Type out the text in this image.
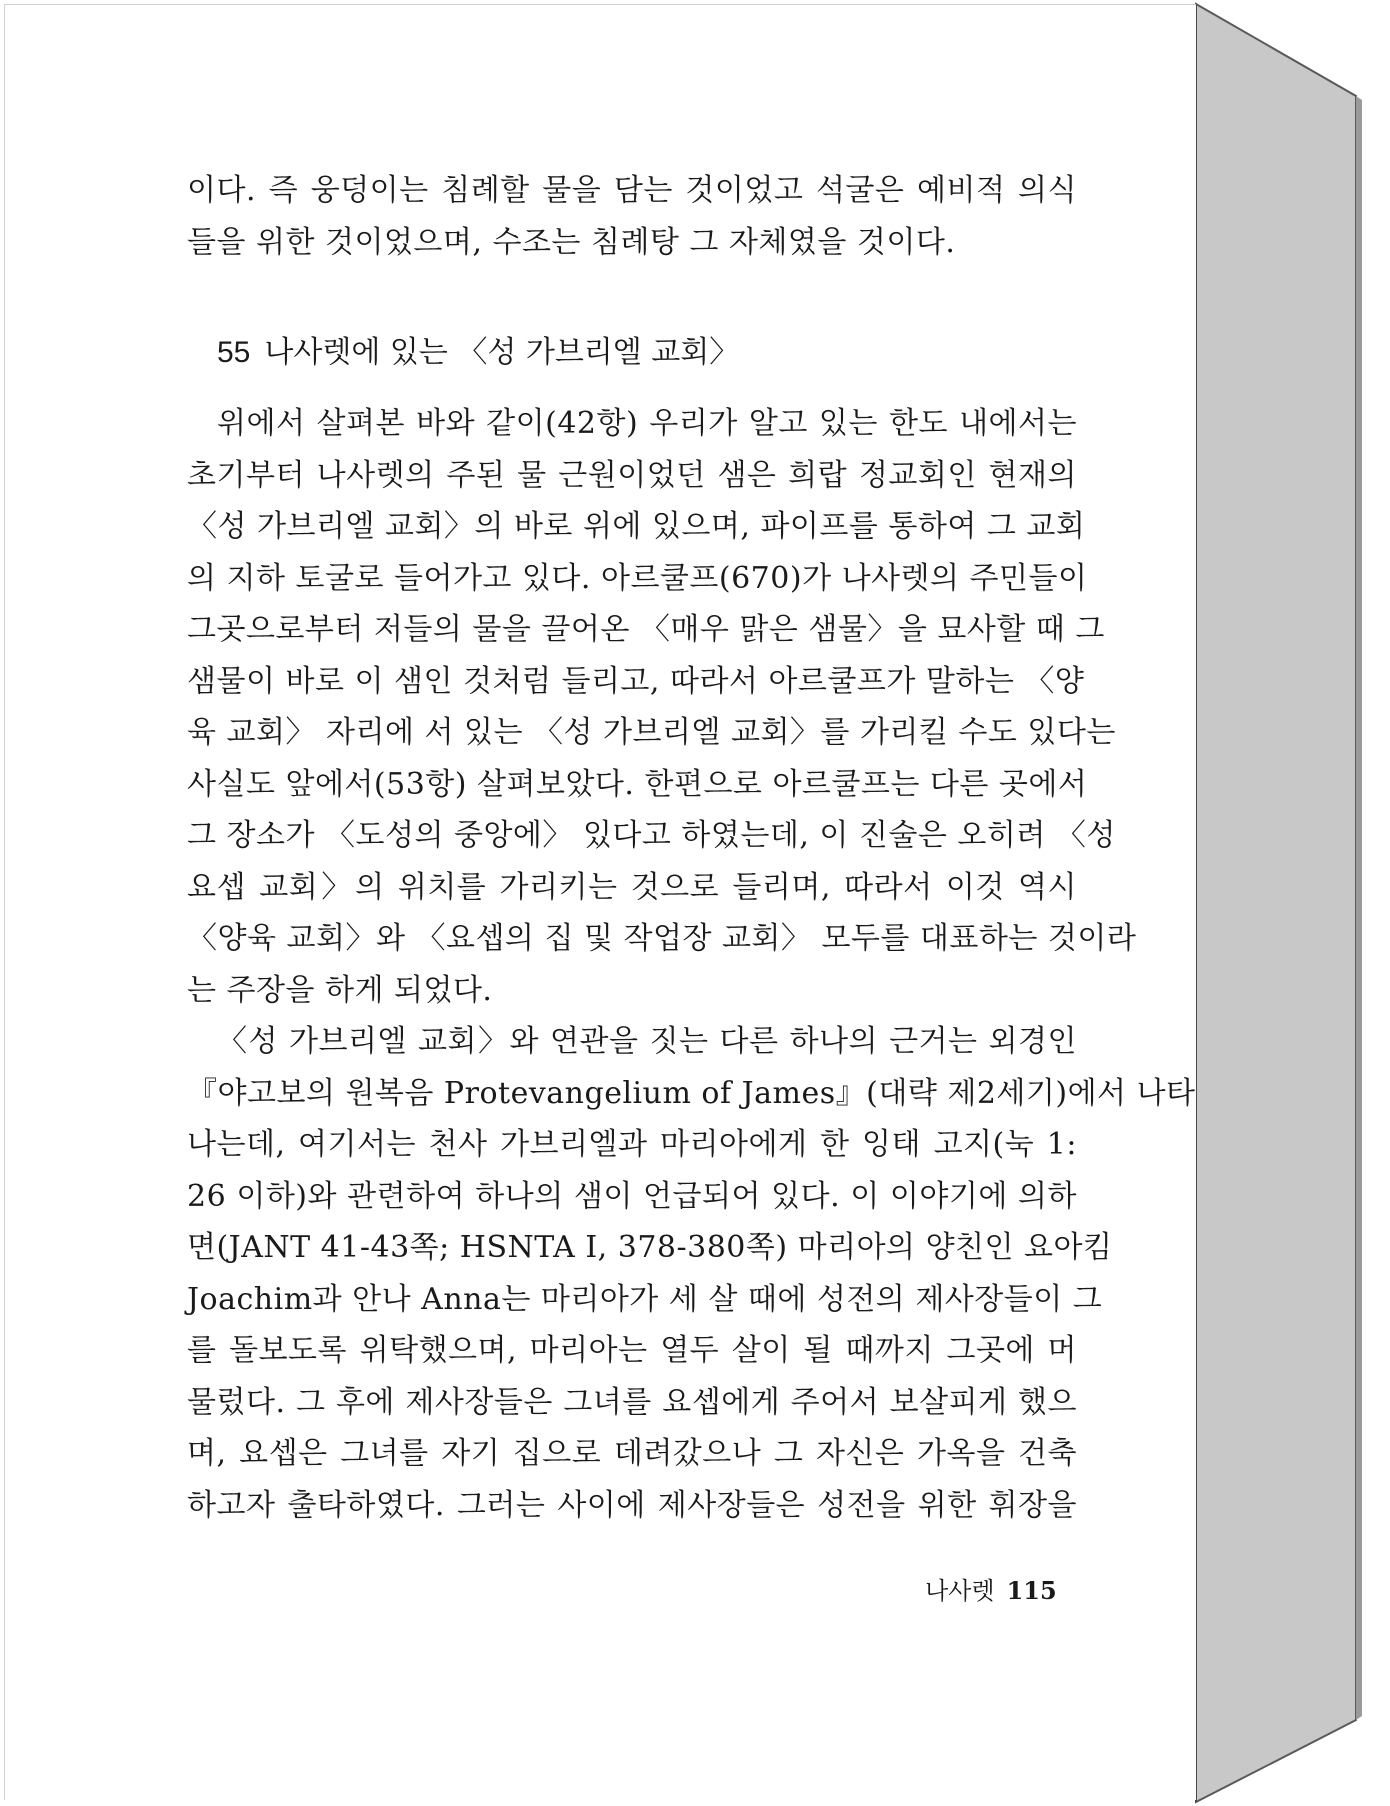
이다. 즉 웅덩이는 침례할 물을 담는 것이었고 석굴은 예비적 의식
들을 위한 것이었으며, 수조는 침례탕 그 자체였을 것이다.
55 나사렛에 있는 〈성 가브리엘 교회〉
위에서 살펴본 바와 같이(42항) 우리가 알고 있는 한도 내에서는
초기부터 나사렛의 주된 물 근원이었던 샘은 희랍 정교회인 현재의
〈성 가브리엘 교회〉의 바로 위에 있으며, 파이프를 통하여 그 교회
의 지하 토굴로 들어가고 있다. 아르쿨프(670)가 나사렛의 주민들이
그곳으로부터 저들의 물을 끌어온 〈매우 맑은 샘물〉을 묘사할 때 그
샘물이 바로 이 샘인 것처럼 들리고, 따라서 아르쿨프가 말하는 〈양
육 교회〉 자리에 서 있는 〈성 가브리엘 교회〉를 가리킬 수도 있다는
사실도 앞에서(53항) 살펴보았다. 한편으로 아르쿨프는 다른 곳에서
그 장소가 〈도성의 중앙에〉 있다고 하였는데, 이 진술은 오히려 〈성
요셉 교회〉의 위치를 가리키는 것으로 들리며, 따라서 이것 역시
〈양육 교회〉와 〈요셉의 집 및 작업장 교회〉 모두를 대표하는 것이라
는 주장을 하게 되었다.
〈성 가브리엘 교회〉와 연관을 짓는 다른 하나의 근거는 외경인
『야고보의 원복음 Protevangelium of James』(대략 제2세기)에서 나타
나는데, 여기서는 천사 가브리엘과 마리아에게 한 잉태 고지(눅 1:
26 이하)와 관련하여 하나의 샘이 언급되어 있다. 이 이야기에 의하
면(JANT 41-43쪽; HSNTA I, 378-380쪽) 마리아의 양친인 요아킴
Joachim과 안나 Anna는 마리아가 세 살 때에 성전의 제사장들이 그
를 돌보도록 위탁했으며, 마리아는 열두 살이 될 때까지 그곳에 머
물렀다. 그 후에 제사장들은 그녀를 요셉에게 주어서 보살피게 했으
며, 요셉은 그녀를 자기 집으로 데려갔으나 그 자신은 가옥을 건축
하고자 출타하였다. 그러는 사이에 제사장들은 성전을 위한 휘장을
나사렛 115
